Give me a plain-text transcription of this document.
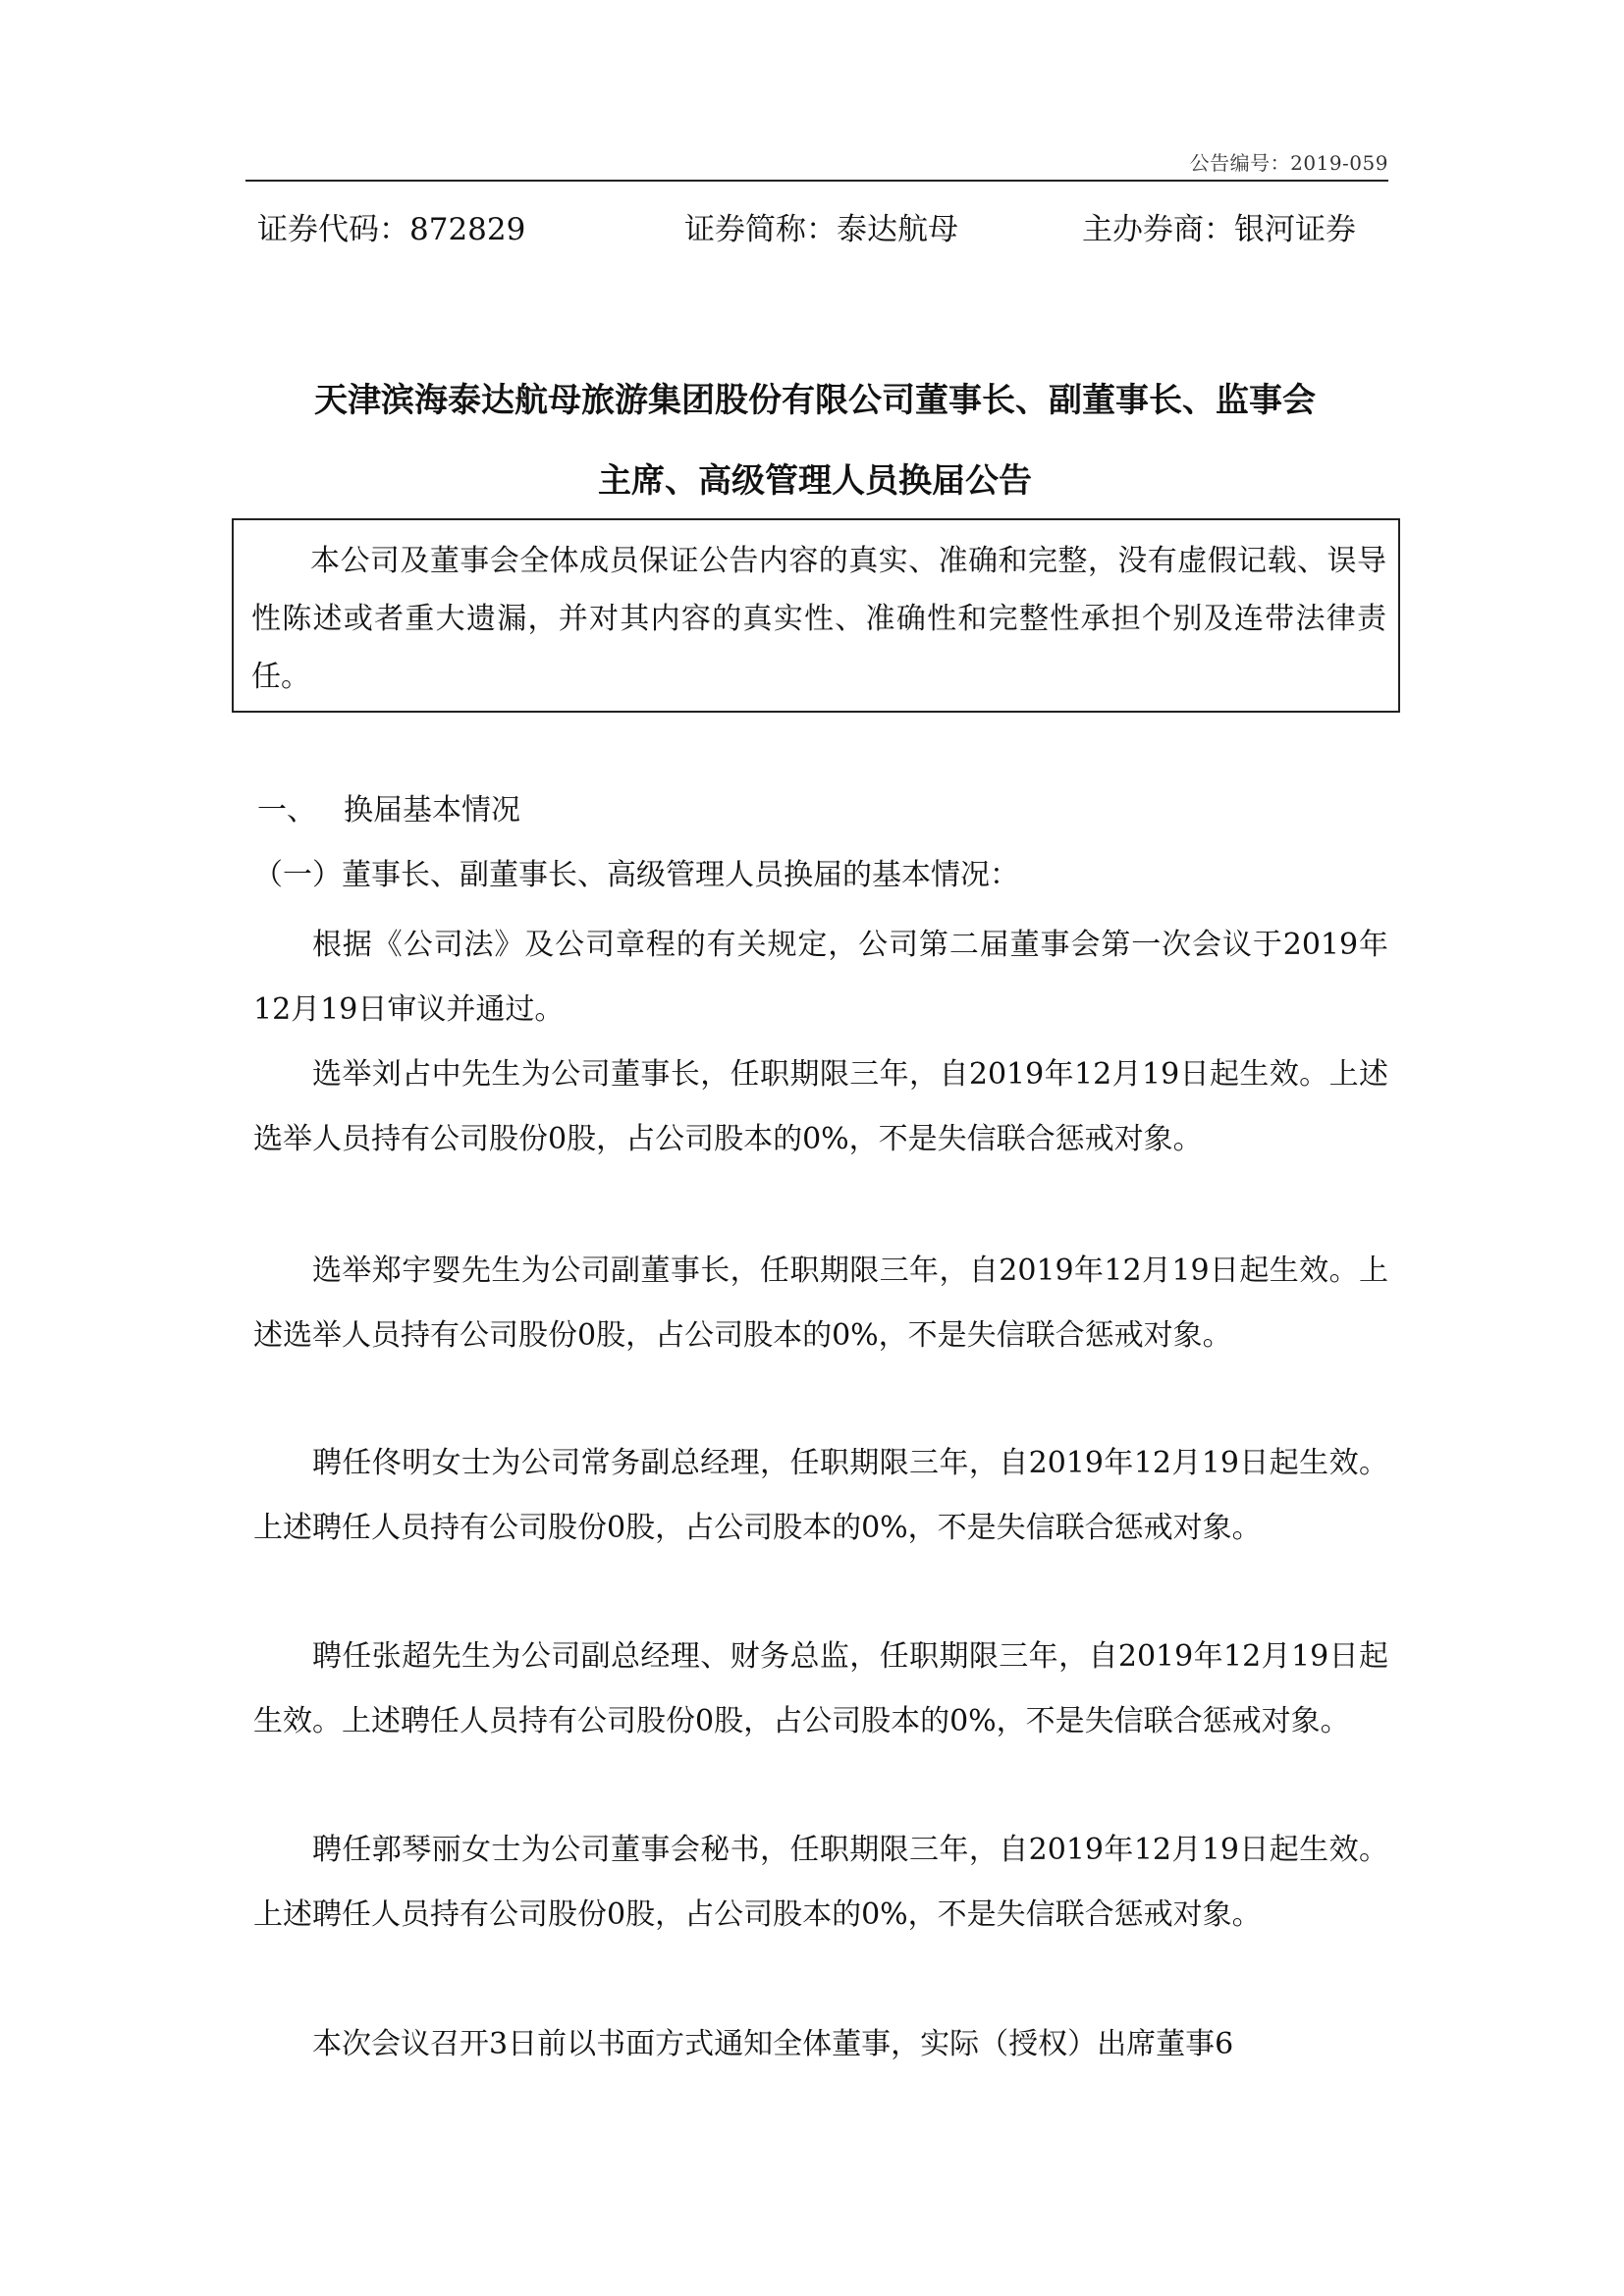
公告编号：2019-059
证券代码：872829	证券简称：泰达航母	主办券商：银河证券
天津滨海泰达航母旅游集团股份有限公司董事长、副董事长、监事会
主席、高级管理人员换届公告

本公司及董事会全体成员保证公告内容的真实、准确和完整，没有虚假记载、误导性陈述或者重大遗漏，并对其内容的真实性、准确性和完整性承担个别及连带法律责任。

一、 换届基本情况
（一）董事长、副董事长、高级管理人员换届的基本情况：

根据《公司法》及公司章程的有关规定，公司第二届董事会第一次会议于2019年12月19日审议并通过。

选举刘占中先生为公司董事长，任职期限三年，自2019年12月19日起生效。上述选举人员持有公司股份0股，占公司股本的0%，不是失信联合惩戒对象。

选举郑宇婴先生为公司副董事长，任职期限三年，自2019年12月19日起生效。上述选举人员持有公司股份0股，占公司股本的0%，不是失信联合惩戒对象。

聘任佟明女士为公司常务副总经理，任职期限三年，自2019年12月19日起生效。上述聘任人员持有公司股份0股，占公司股本的0%，不是失信联合惩戒对象。

聘任张超先生为公司副总经理、财务总监，任职期限三年，自2019年12月19日起生效。上述聘任人员持有公司股份0股，占公司股本的0%，不是失信联合惩戒对象。

聘任郭琴丽女士为公司董事会秘书，任职期限三年，自2019年12月19日起生效。上述聘任人员持有公司股份0股，占公司股本的0%，不是失信联合惩戒对象。

本次会议召开3日前以书面方式通知全体董事，实际（授权）出席董事6
